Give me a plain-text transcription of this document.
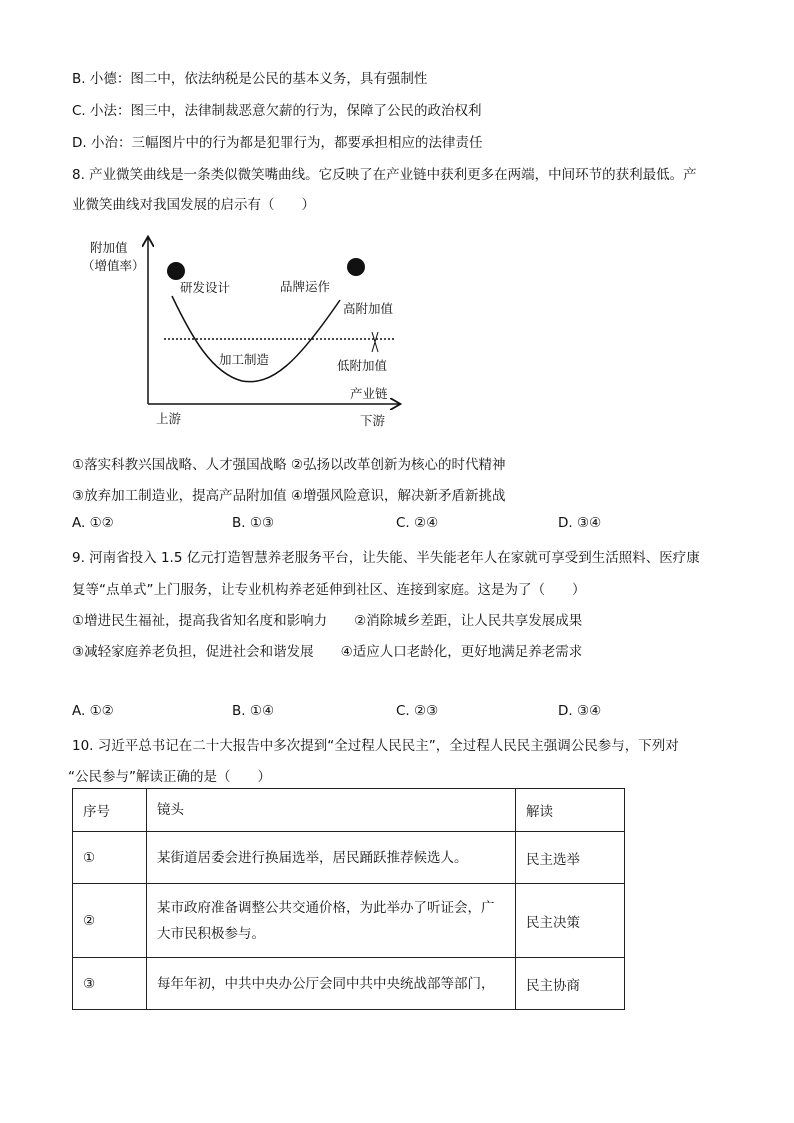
B. 小德：图二中，依法纳税是公民的基本义务，具有强制性
C. 小法：图三中，法律制裁恶意欠薪的行为，保障了公民的政治权利
D. 小治：三幅图片中的行为都是犯罪行为，都要承担相应的法律责任
8. 产业微笑曲线是一条类似微笑嘴曲线。它反映了在产业链中获利更多在两端，中间环节的获利最低。产
业微笑曲线对我国发展的启示有（　　）
附加值
（增值率）
研发设计	品牌运作
高附加值
加工制造	低附加值
产业链
上游	下游
①落实科教兴国战略、人才强国战略 ②弘扬以改革创新为核心的时代精神
③放弃加工制造业，提高产品附加值 ④增强风险意识，解决新矛盾新挑战
A. ①②	B. ①③	C. ②④	D. ③④
9. 河南省投入 1.5 亿元打造智慧养老服务平台，让失能、半失能老年人在家就可享受到生活照料、医疗康
复等“点单式”上门服务，让专业机构养老延伸到社区、连接到家庭。这是为了（　　）
①增进民生福祉，提高我省知名度和影响力　　②消除城乡差距，让人民共享发展成果
③减轻家庭养老负担，促进社会和谐发展　　④适应人口老龄化，更好地满足养老需求
A. ①②	B. ①④	C. ②③	D. ③④
10. 习近平总书记在二十大报告中多次提到“全过程人民民主”，全过程人民民主强调公民参与，下列对
“公民参与”解读正确的是（　　）
序号	镜头	解读
①	某街道居委会进行换届选举，居民踊跃推荐候选人。	民主选举
②	某市政府准备调整公共交通价格，为此举办了听证会，广
大市民积极参与。	民主决策
③	每年年初，中共中央办公厅会同中共中央统战部等部门，	民主协商
